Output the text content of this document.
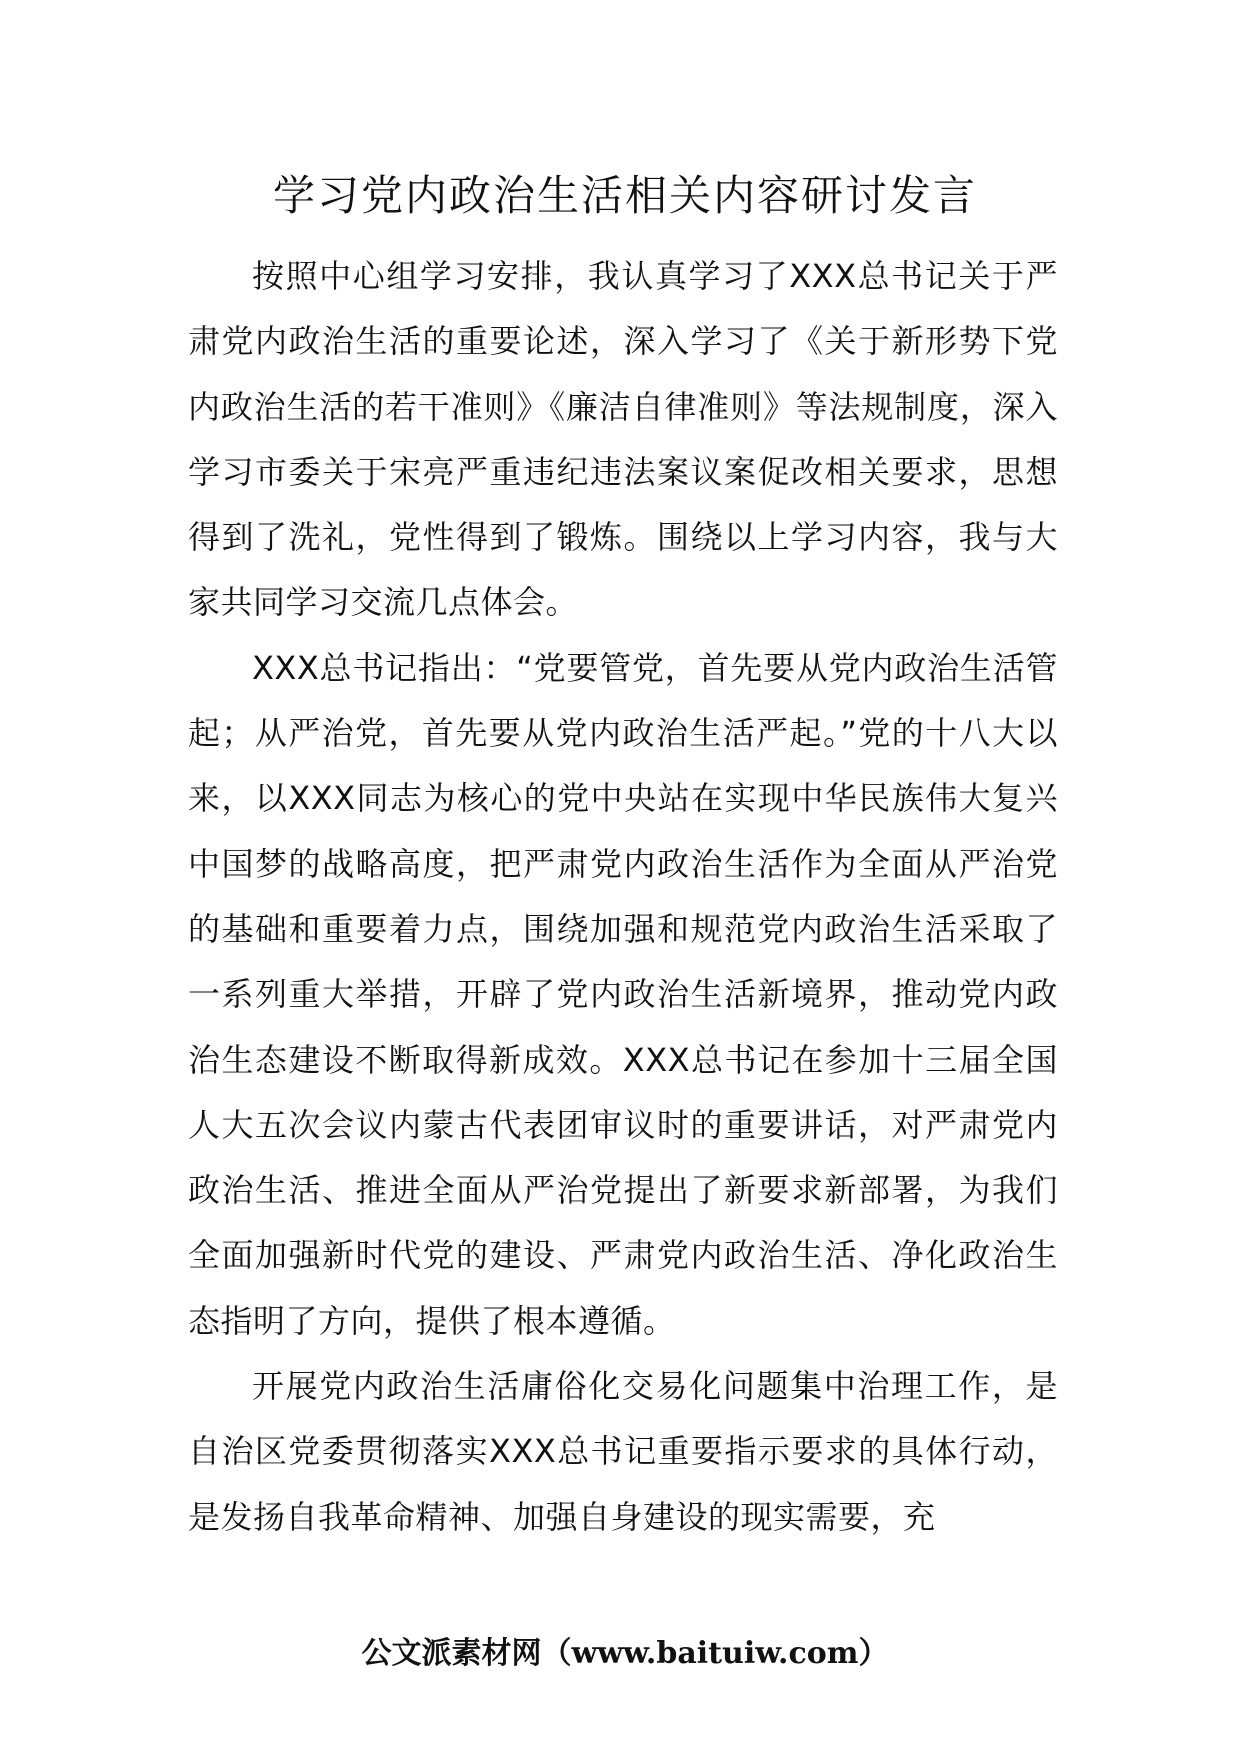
学习党内政治生活相关内容研讨发言

按照中心组学习安排，我认真学习了XXX总书记关于严肃党内政治生活的重要论述，深入学习了《关于新形势下党内政治生活的若干准则》《廉洁自律准则》等法规制度，深入学习市委关于宋亮严重违纪违法案议案促改相关要求，思想得到了洗礼，党性得到了锻炼。围绕以上学习内容，我与大家共同学习交流几点体会。

XXX总书记指出：“党要管党，首先要从党内政治生活管起；从严治党，首先要从党内政治生活严起。”党的十八大以来，以XXX同志为核心的党中央站在实现中华民族伟大复兴中国梦的战略高度，把严肃党内政治生活作为全面从严治党的基础和重要着力点，围绕加强和规范党内政治生活采取了一系列重大举措，开辟了党内政治生活新境界，推动党内政治生态建设不断取得新成效。XXX总书记在参加十三届全国人大五次会议内蒙古代表团审议时的重要讲话，对严肃党内政治生活、推进全面从严治党提出了新要求新部署，为我们全面加强新时代党的建设、严肃党内政治生活、净化政治生态指明了方向，提供了根本遵循。

开展党内政治生活庸俗化交易化问题集中治理工作，是自治区党委贯彻落实XXX总书记重要指示要求的具体行动，是发扬自我革命精神、加强自身建设的现实需要，充

公文派素材网（www.baituiw.com）
